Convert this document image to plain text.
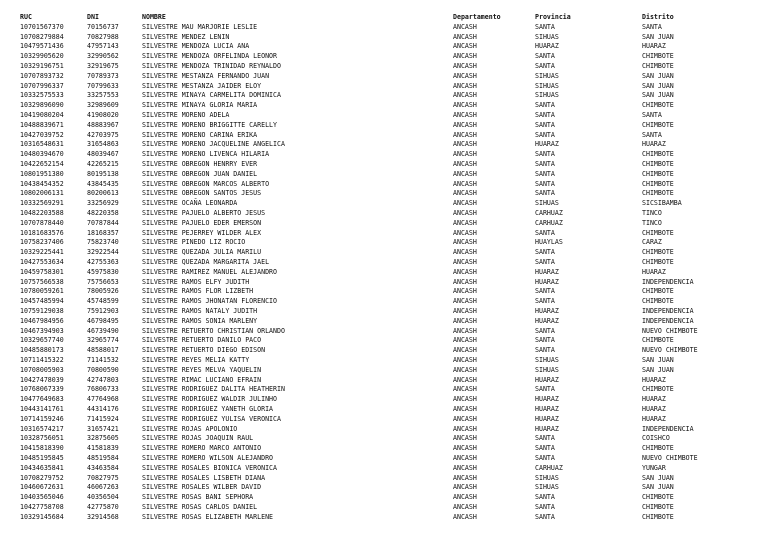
RUC	DNI	NOMBRE	Departamento	Provincia	Distrito
10701567370	70156737	SILVESTRE MAU MARJORIE LESLIE	ANCASH	SANTA	SANTA
10708279884	70827988	SILVESTRE MENDEZ LENIN	ANCASH	SIHUAS	SAN JUAN
10479571436	47957143	SILVESTRE MENDOZA LUCIA ANA	ANCASH	HUARAZ	HUARAZ
10329905620	32990562	SILVESTRE MENDOZA ORFELINDA LEONOR	ANCASH	SANTA	CHIMBOTE
10329196751	32919675	SILVESTRE MENDOZA TRINIDAD REYNALDO	ANCASH	SANTA	CHIMBOTE
10707893732	70789373	SILVESTRE MESTANZA FERNANDO JUAN	ANCASH	SIHUAS	SAN JUAN
10707996337	70799633	SILVESTRE MESTANZA JAIDER ELOY	ANCASH	SIHUAS	SAN JUAN
10332575533	33257553	SILVESTRE MINAYA CARMELITA DOMINICA	ANCASH	SIHUAS	SAN JUAN
10329896090	32989609	SILVESTRE MINAYA GLORIA MARIA	ANCASH	SANTA	CHIMBOTE
10419080204	41908020	SILVESTRE MORENO ADELA	ANCASH	SANTA	SANTA
10488839671	48883967	SILVESTRE MORENO BRIGGITTE CARELLY	ANCASH	SANTA	CHIMBOTE
10427039752	42703975	SILVESTRE MORENO CARINA ERIKA	ANCASH	SANTA	SANTA
10316548631	31654863	SILVESTRE MORENO JACQUELINE ANGELICA	ANCASH	HUARAZ	HUARAZ
10480394670	48039467	SILVESTRE MORENO LIVENCA HILARIA	ANCASH	SANTA	CHIMBOTE
10422652154	42265215	SILVESTRE OBREGON HENRRY EVER	ANCASH	SANTA	CHIMBOTE
10801951380	80195138	SILVESTRE OBREGON JUAN DANIEL	ANCASH	SANTA	CHIMBOTE
10438454352	43845435	SILVESTRE OBREGON MARCOS ALBERTO	ANCASH	SANTA	CHIMBOTE
10802006131	80200613	SILVESTRE OBREGON SANTOS JESUS	ANCASH	SANTA	CHIMBOTE
10332569291	33256929	SILVESTRE OCAÑA LEONARDA	ANCASH	SIHUAS	SICSIBAMBA
10482203588	48220358	SILVESTRE PAJUELO ALBERTO JESUS	ANCASH	CARHUAZ	TINCO
10707878440	70787844	SILVESTRE PAJUELO EDER EMERSON	ANCASH	CARHUAZ	TINCO
10181683576	18168357	SILVESTRE PEJERREY WILDER ALEX	ANCASH	SANTA	CHIMBOTE
10758237406	75823740	SILVESTRE PINEDO LIZ ROCIO	ANCASH	HUAYLAS	CARAZ
10329225441	32922544	SILVESTRE QUEZADA JULIA MARILU	ANCASH	SANTA	CHIMBOTE
10427553634	42755363	SILVESTRE QUEZADA MARGARITA JAEL	ANCASH	SANTA	CHIMBOTE
10459758301	45975830	SILVESTRE RAMIREZ MANUEL ALEJANDRO	ANCASH	HUARAZ	HUARAZ
10757566538	75756653	SILVESTRE RAMOS ELFY JUDITH	ANCASH	HUARAZ	INDEPENDENCIA
10780059261	78005926	SILVESTRE RAMOS FLOR LIZBETH	ANCASH	SANTA	CHIMBOTE
10457485994	45748599	SILVESTRE RAMOS JHONATAN FLORENCIO	ANCASH	SANTA	CHIMBOTE
10759129038	75912903	SILVESTRE RAMOS NATALY JUDITH	ANCASH	HUARAZ	INDEPENDENCIA
10467984956	46798495	SILVESTRE RAMOS SONIA MARLENY	ANCASH	HUARAZ	INDEPENDENCIA
10467394903	46739490	SILVESTRE RETUERTO CHRISTIAN ORLANDO	ANCASH	SANTA	NUEVO CHIMBOTE
10329657740	32965774	SILVESTRE RETUERTO DANILO PACO	ANCASH	SANTA	CHIMBOTE
10485880173	48588017	SILVESTRE RETUERTO DIEGO EDISON	ANCASH	SANTA	NUEVO CHIMBOTE
10711415322	71141532	SILVESTRE REYES MELIA KATTY	ANCASH	SIHUAS	SAN JUAN
10708005903	70800590	SILVESTRE REYES MELVA YAQUELIN	ANCASH	SIHUAS	SAN JUAN
10427478039	42747803	SILVESTRE RIMAC LUCIANO EFRAIN	ANCASH	HUARAZ	HUARAZ
10768067339	76806733	SILVESTRE RODRIGUEZ DALITA HEATHERIN	ANCASH	SANTA	CHIMBOTE
10477649683	47764968	SILVESTRE RODRIGUEZ WALDIR JULINHO	ANCASH	HUARAZ	HUARAZ
10443141761	44314176	SILVESTRE RODRIGUEZ YANETH GLORIA	ANCASH	HUARAZ	HUARAZ
10714159246	71415924	SILVESTRE RODRIGUEZ YULISA VERONICA	ANCASH	HUARAZ	HUARAZ
10316574217	31657421	SILVESTRE ROJAS APOLONIO	ANCASH	HUARAZ	INDEPENDENCIA
10328756051	32875605	SILVESTRE ROJAS JOAQUIN RAUL	ANCASH	SANTA	COISHCO
10415818390	41581839	SILVESTRE ROMERO MARCO ANTONIO	ANCASH	SANTA	CHIMBOTE
10485195845	48519584	SILVESTRE ROMERO WILSON ALEJANDRO	ANCASH	SANTA	NUEVO CHIMBOTE
10434635841	43463584	SILVESTRE ROSALES BIONICA VERONICA	ANCASH	CARHUAZ	YUNGAR
10708279752	70827975	SILVESTRE ROSALES LISBETH DIANA	ANCASH	SIHUAS	SAN JUAN
10460672631	46067263	SILVESTRE ROSALES WILBER DAVID	ANCASH	SIHUAS	SAN JUAN
10403565046	40356504	SILVESTRE ROSAS BANI SEPHORA	ANCASH	SANTA	CHIMBOTE
10427758708	42775870	SILVESTRE ROSAS CARLOS DANIEL	ANCASH	SANTA	CHIMBOTE
10329145684	32914568	SILVESTRE ROSAS ELIZABETH MARLENE	ANCASH	SANTA	CHIMBOTE
